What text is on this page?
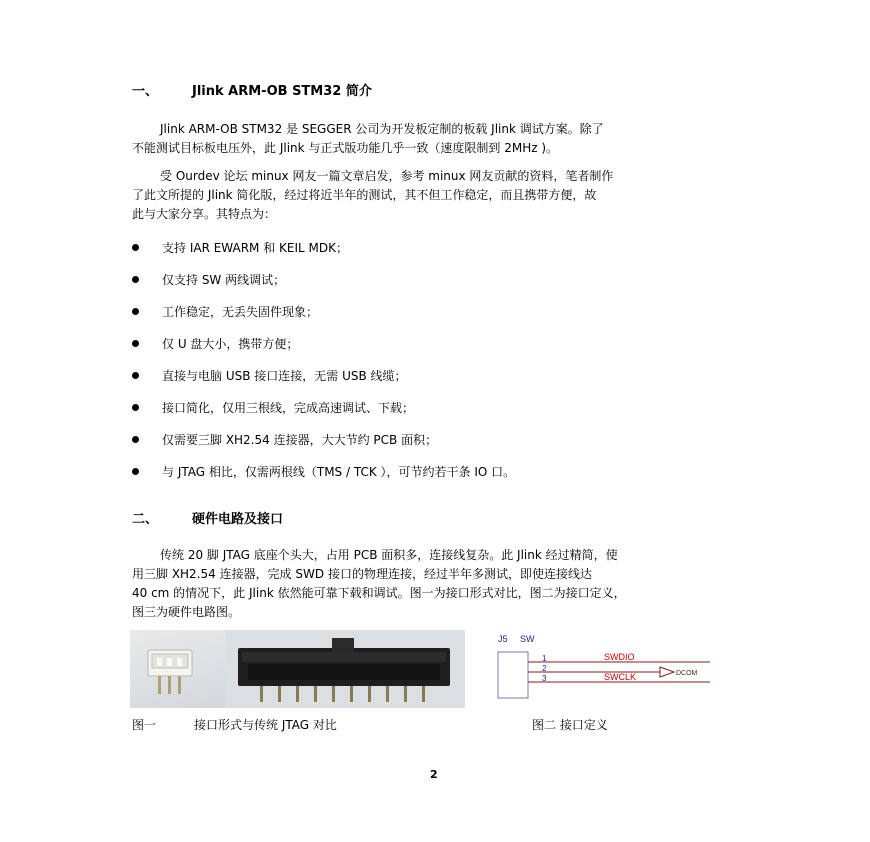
一、	Jlink ARM-OB STM32 简介
Jlink ARM-OB STM32 是 SEGGER 公司为开发板定制的板载 Jlink 调试方案。除了
不能测试目标板电压外，此 Jlink 与正式版功能几乎一致（速度限制到 2MHz )。
受 Ourdev 论坛 minux 网友一篇文章启发，参考 minux 网友贡献的资料，笔者制作
了此文所提的 Jlink 简化版，经过将近半年的测试，其不但工作稳定，而且携带方便，故
此与大家分享。其特点为：
支持 IAR EWARM 和 KEIL MDK；
仅支持 SW 两线调试；
工作稳定，无丢失固件现象；
仅 U 盘大小，携带方便；
直接与电脑 USB 接口连接，无需 USB 线缆；
接口简化，仅用三根线，完成高速调试、下载；
仅需要三脚 XH2.54 连接器，大大节约 PCB 面积；
与 JTAG 相比，仅需两根线（TMS / TCK ），可节约若干条 IO 口。
二、	硬件电路及接口
传统 20 脚 JTAG 底座个头大，占用 PCB 面积多，连接线复杂。此 Jlink 经过精简，使
用三脚 XH2.54 连接器，完成 SWD 接口的物理连接，经过半年多测试，即使连接线达
40 cm 的情况下，此 Jlink 依然能可靠下载和调试。图一为接口形式对比，图二为接口定义，
图三为硬件电路图。
J5 SW
1
2
3
SWDIO
SWCLK	DCOM
图一	接口形式与传统 JTAG 对比	图二 接口定义
2
